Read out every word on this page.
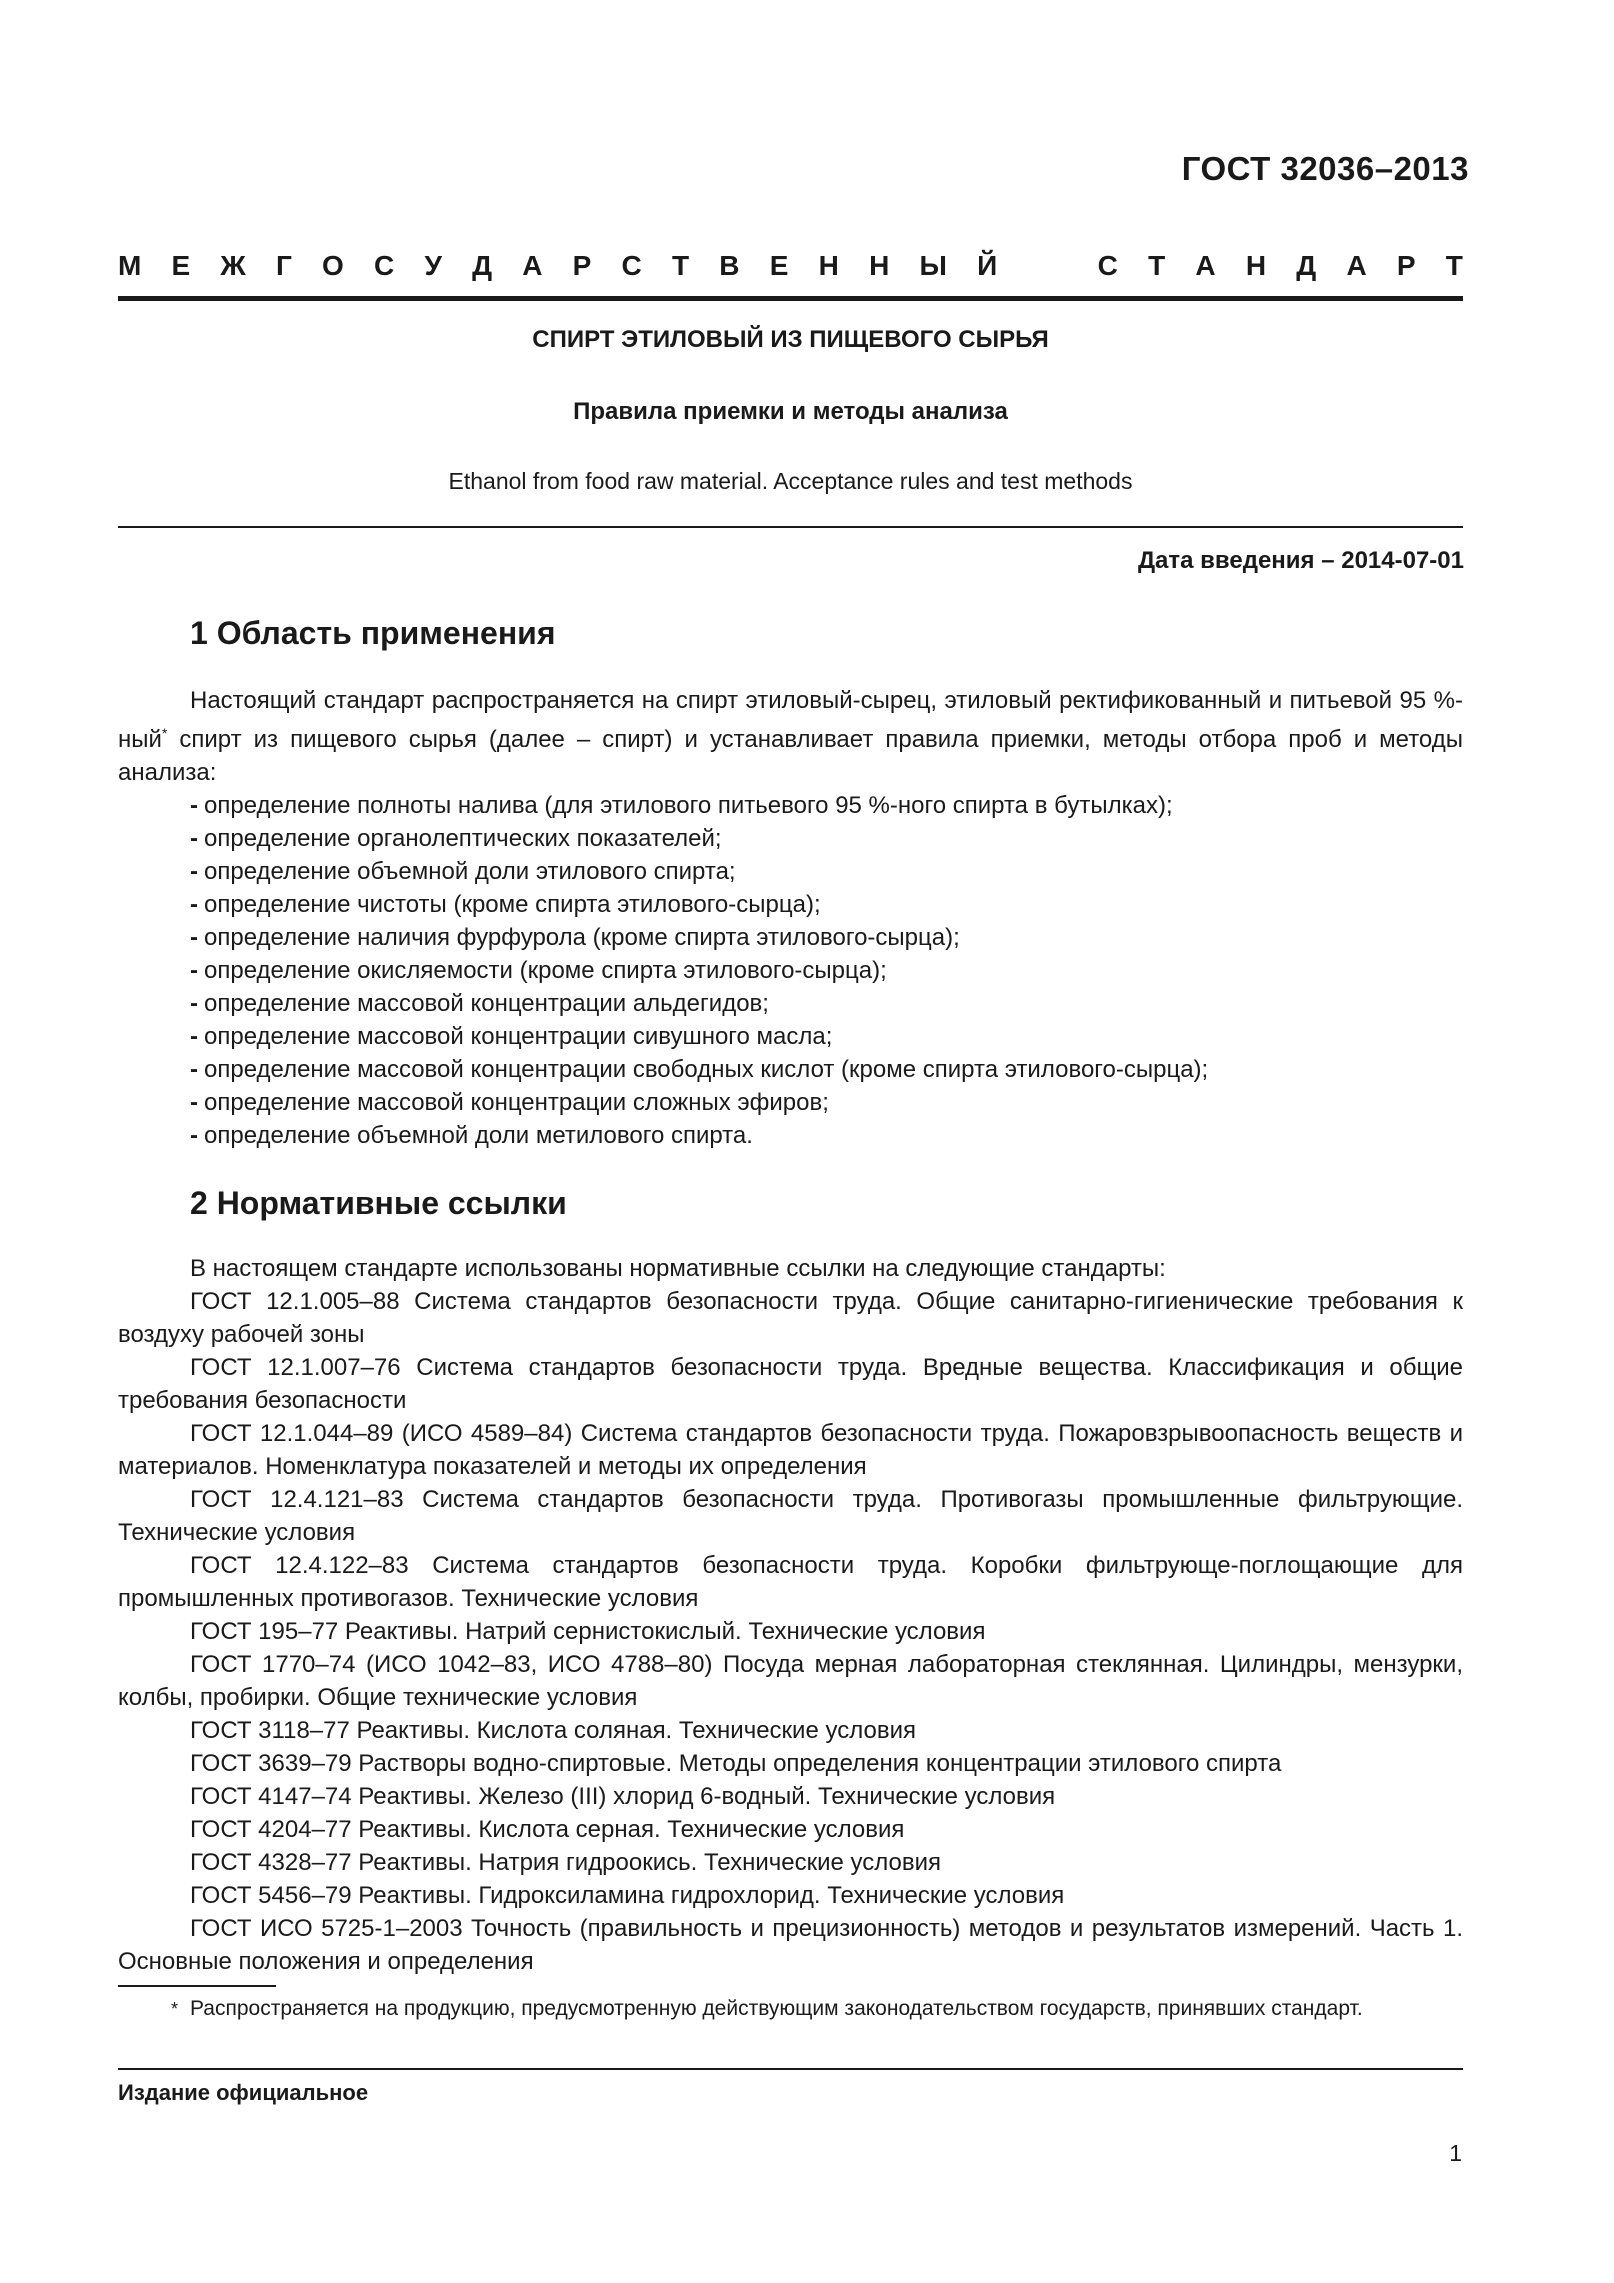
ГОСТ 32036–2013
М Е Ж Г О С У Д А Р С Т В Е Н Н Ы Й	С Т А Н Д А Р Т
СПИРТ ЭТИЛОВЫЙ ИЗ ПИЩЕВОГО СЫРЬЯ
Правила приемки и методы анализа
Ethanol from food raw material. Acceptance rules and test methods
Дата введения – 2014-07-01
1 Область применения

Настоящий стандарт распространяется на спирт этиловый-сырец, этиловый ректификованный и питьевой 95 %-ный* спирт из пищевого сырья (далее – спирт) и устанавливает правила приемки, методы отбора проб и методы анализа:

- определение полноты налива (для этилового питьевого 95 %-ного спирта в бутылках);
- определение органолептических показателей;
- определение объемной доли этилового спирта;
- определение чистоты (кроме спирта этилового-сырца);
- определение наличия фурфурола (кроме спирта этилового-сырца);
- определение окисляемости (кроме спирта этилового-сырца);
- определение массовой концентрации альдегидов;
- определение массовой концентрации сивушного масла;
- определение массовой концентрации свободных кислот (кроме спирта этилового-сырца);
- определение массовой концентрации сложных эфиров;
- определение объемной доли метилового спирта.
2 Нормативные ссылки

В настоящем стандарте использованы нормативные ссылки на следующие стандарты:

ГОСТ 12.1.005–88 Система стандартов безопасности труда. Общие санитарно-гигиенические требования к воздуху рабочей зоны

ГОСТ 12.1.007–76 Система стандартов безопасности труда. Вредные вещества. Классификация и общие требования безопасности

ГОСТ 12.1.044–89 (ИСО 4589–84) Система стандартов безопасности труда. Пожаровзрывоопасность веществ и материалов. Номенклатура показателей и методы их определения

ГОСТ 12.4.121–83 Система стандартов безопасности труда. Противогазы промышленные фильтрующие. Технические условия

ГОСТ 12.4.122–83 Система стандартов безопасности труда. Коробки фильтрующе-поглощающие для промышленных противогазов. Технические условия

ГОСТ 195–77 Реактивы. Натрий сернистокислый. Технические условия

ГОСТ 1770–74 (ИСО 1042–83, ИСО 4788–80) Посуда мерная лабораторная стеклянная. Цилиндры, мензурки, колбы, пробирки. Общие технические условия

ГОСТ 3118–77 Реактивы. Кислота соляная. Технические условия

ГОСТ 3639–79 Растворы водно-спиртовые. Методы определения концентрации этилового спирта

ГОСТ 4147–74 Реактивы. Железо (III) хлорид 6-водный. Технические условия

ГОСТ 4204–77 Реактивы. Кислота серная. Технические условия

ГОСТ 4328–77 Реактивы. Натрия гидроокись. Технические условия

ГОСТ 5456–79 Реактивы. Гидроксиламина гидрохлорид. Технические условия

ГОСТ ИСО 5725-1–2003 Точность (правильность и прецизионность) методов и результатов измерений. Часть 1. Основные положения и определения

* Распространяется на продукцию, предусмотренную действующим законодательством государств, принявших стандарт.
Издание официальное
1
